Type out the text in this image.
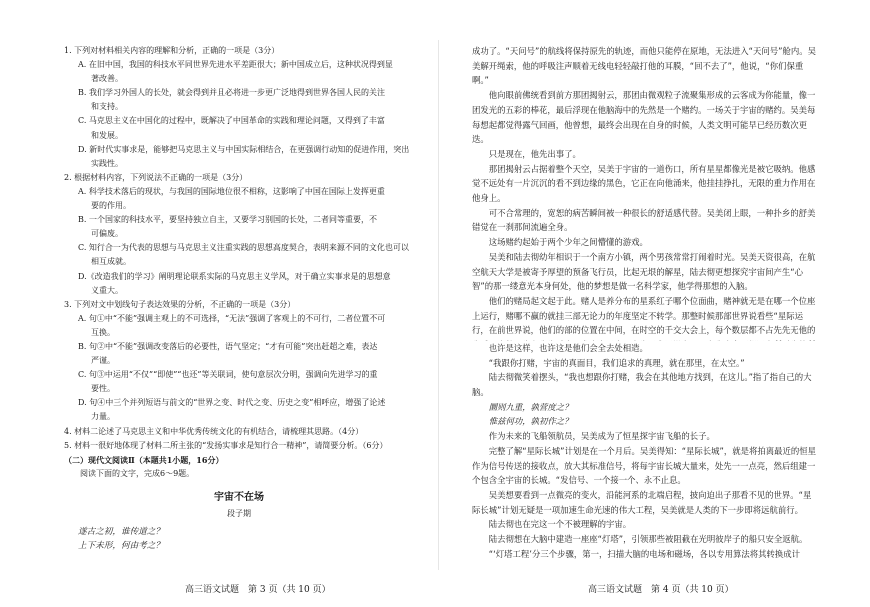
1. 下列对材料相关内容的理解和分析，正确的一项是（3分）

A. 在旧中国，我国的科技水平同世界先进水平差距很大；新中国成立后，这种状况得到显
著改善。

B. 我们学习外国人的长处，就会得到并且必将进一步更广泛地得到世界各国人民的关注
和支持。

C. 马克思主义在中国化的过程中，既解决了中国革命的实践和理论问题，又得到了丰富
和发展。

D. 新时代实事求是，能够把马克思主义与中国实际相结合，在更强调行动知的促进作用，突出
实践性。

2. 根据材料内容，下列说法不正确的一项是（3分）

A. 科学技术落后的现状，与我国的国际地位很不相称，这影响了中国在国际上发挥更重
要的作用。

B. 一个国家的科技水平，要坚持独立自主，又要学习别国的长处，二者同等重要，不
可偏废。

C. 知行合一为代表的思想与马克思主义注重实践的思想高度契合，表明来源不同的文化也可以
相互成就。

D.《改造我们的学习》阐明理论联系实际的马克思主义学风，对于确立实事求是的思想意
义重大。

3. 下列对文中划线句子表达效果的分析，不正确的一项是（3分）

A. 句①中“不能”强调主观上的不可选择，“无法”强调了客观上的不可行，二者位置不可
互换。

B. 句②中“不能”强调改变落后的必要性，语气坚定；“才有可能”突出赶超之难，表达
严谨。

C. 句③中运用“不仅”“即使”“也还”等关联词，使句意层次分明，强调向先进学习的重
要性。

D. 句④中三个并列短语与前文的“世界之变、时代之变、历史之变”相呼应，增强了论述
力量。

4. 材料二论述了马克思主义和中华优秀传统文化的有机结合，请梳理其思路。（4分）

5. 材料一很好地体现了材料二所主张的“发扬实事求是知行合一精神”，请简要分析。（6分）

（二）现代文阅读Ⅱ（本题共1小题，16分）

阅读下面的文字，完成6～9题。

宇宙不在场

段子期

遂古之初，谁传道之？

上下未形，何由考之？

成功了。“天问号”的航线将保持原先的轨迹，而他只能停在原地，无法进入“天问号”舱内。吴美解开绳索，他的呼吸注声顺着无线电轻轻敲打他的耳膜，“回不去了”，他说，“你们保重啊。”

他向眼前佛统看到前方那团揭射云，那团由微观粒子流聚集形成的云客成为你能量，像一团发光的五彩的棒花，最后浮现在他脑海中的先然是一个赌约。一场关于宇宙的赌约。吴美每每想起都觉得露气回画，他曾想，最终会出现在自身的时候，人类文明可能早已经历数次更迭。

只是现在，他先出事了。

那团揭射云占据着整个天空，吴美于宇宙的一道伤口，所有星星都像光是被它吸纳。他感觉不远处有一片沉沉的看不到边缘的黑色，它正在向他涌来，他挂挂挣扎，无限的重力作用在他身上。

可不合常理的，宽恕的病苦瞬间被一种很长的舒适感代替。吴美闭上眼，一种扑乡的舒美错觉在一刹那间流遍全身。

这场赌约起始于两个少年之间懵懂的游戏。

吴美和陆去彻幼年相识于一个南方小镇，两个男孩常常打闹着时光。吴美天资很高，在航空航天大学是被寄予厚望的预备飞行员，比起无垠的解星，陆去彻更想探究宇宙间产生“心智”的那一缕意光本身何处，他的梦想是做一名科学家，他学得那想的入脑。

他们的赌局起文起于此。赌人是养分布的星系红子哪个位面曲，赌神就无是在哪一个位座上运行，赌哪不赢的就挂三部无论力的年度坚定不转学。那整时候那部世界说看些“星际运行，在前世界说，他们的部的位置在中间，在时空的千交大会上，每个数层都不占先先无他的

也许是这样，也许这是他们会全去处相造。

“我跟你打赌，宇宙的真面目，我们追求的真理，就在那里，在太空。”

陆去彻微笑着摆头，“我也想跟你打赌，我会在其他地方找到，在这儿。”指了指自己的大脑。

圜则九重，孰营度之？

惟兹何功，孰初作之？

作为未来的飞船领航员，吴美成为了恒星探宇宙飞船的长子。

完整了解“星际长城”计划是在一个月后。吴美得知：“星际长城”，就是将拍离最近的恒星作为信号传送的接收点，放大其标准信号，将每宇宙长城大量来，处先一一点亮，然后组建一个包含全宇宙的长城。“发信号、一个接一个、永不止息。

吴美想要看到一点微亮的变火，沿能河系的北端启程，披向迫出子那看不见的世界。“星际长城”计划无疑是一项加速生命光速的伟大工程，吴美就是人类的下一步即将远航前行。

陆去彻也在完这一个不被理解的宇宙。

陆去彻想在大脑中建造一座座“灯塔”，引领那些被阻截在光明彼岸子的船只安全返航。

“‘灯塔工程’分三个步骤，第一，扫描大脑的电场和磁场，各以专用算法将其转换成计

高三语文试题　第 3 页（共 10 页）	高三语文试题　第 4 页（共 10 页）
